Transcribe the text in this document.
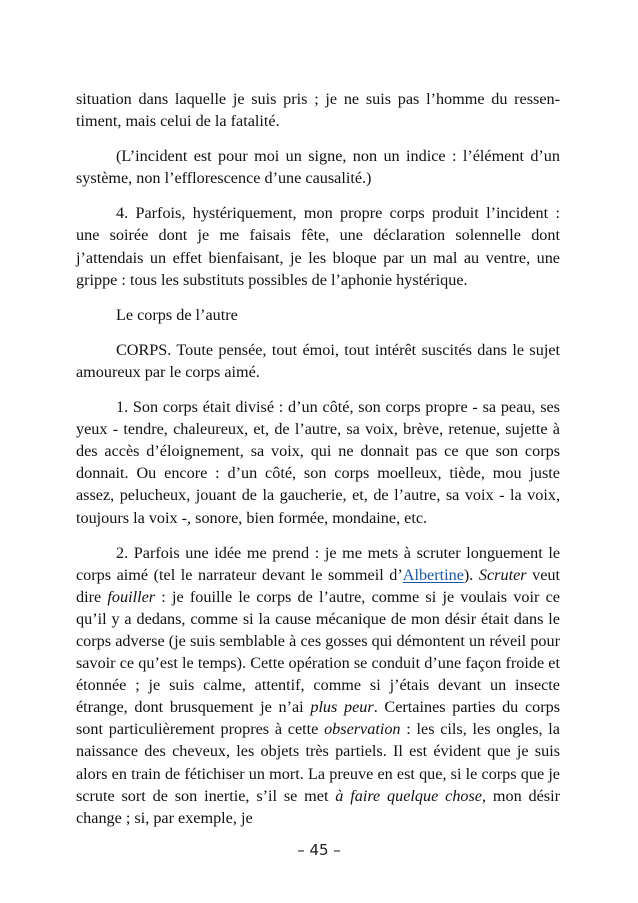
situation dans laquelle je suis pris ; je ne suis pas l’homme du ressentiment, mais celui de la fatalité.

(L’incident est pour moi un signe, non un indice : l’élément d’un système, non l’efflorescence d’une causalité.)

4. Parfois, hystériquement, mon propre corps produit l’incident : une soirée dont je me faisais fête, une déclaration solennelle dont j’attendais un effet bienfaisant, je les bloque par un mal au ventre, une grippe : tous les substituts possibles de l’aphonie hystérique.

Le corps de l’autre

CORPS. Toute pensée, tout émoi, tout intérêt suscités dans le sujet amoureux par le corps aimé.

1. Son corps était divisé : d’un côté, son corps propre - sa peau, ses yeux - tendre, chaleureux, et, de l’autre, sa voix, brève, retenue, sujette à des accès d’éloignement, sa voix, qui ne donnait pas ce que son corps donnait. Ou encore : d’un côté, son corps moelleux, tiède, mou juste assez, pelucheux, jouant de la gaucherie, et, de l’autre, sa voix - la voix, toujours la voix -, sonore, bien formée, mondaine, etc.

2. Parfois une idée me prend : je me mets à scruter longuement le corps aimé (tel le narrateur devant le sommeil d’Albertine). Scruter veut dire fouiller : je fouille le corps de l’autre, comme si je voulais voir ce qu’il y a dedans, comme si la cause mécanique de mon désir était dans le corps adverse (je suis semblable à ces gosses qui démontent un réveil pour savoir ce qu’est le temps). Cette opération se conduit d’une façon froide et étonnée ; je suis calme, attentif, comme si j’étais devant un insecte étrange, dont brusquement je n’ai plus peur. Certaines parties du corps sont particulièrement propres à cette observation : les cils, les ongles, la naissance des cheveux, les objets très partiels. Il est évident que je suis alors en train de fétichiser un mort. La preuve en est que, si le corps que je scrute sort de son inertie, s’il se met à faire quelque chose, mon désir change ; si, par exemple, je

– 45 –
